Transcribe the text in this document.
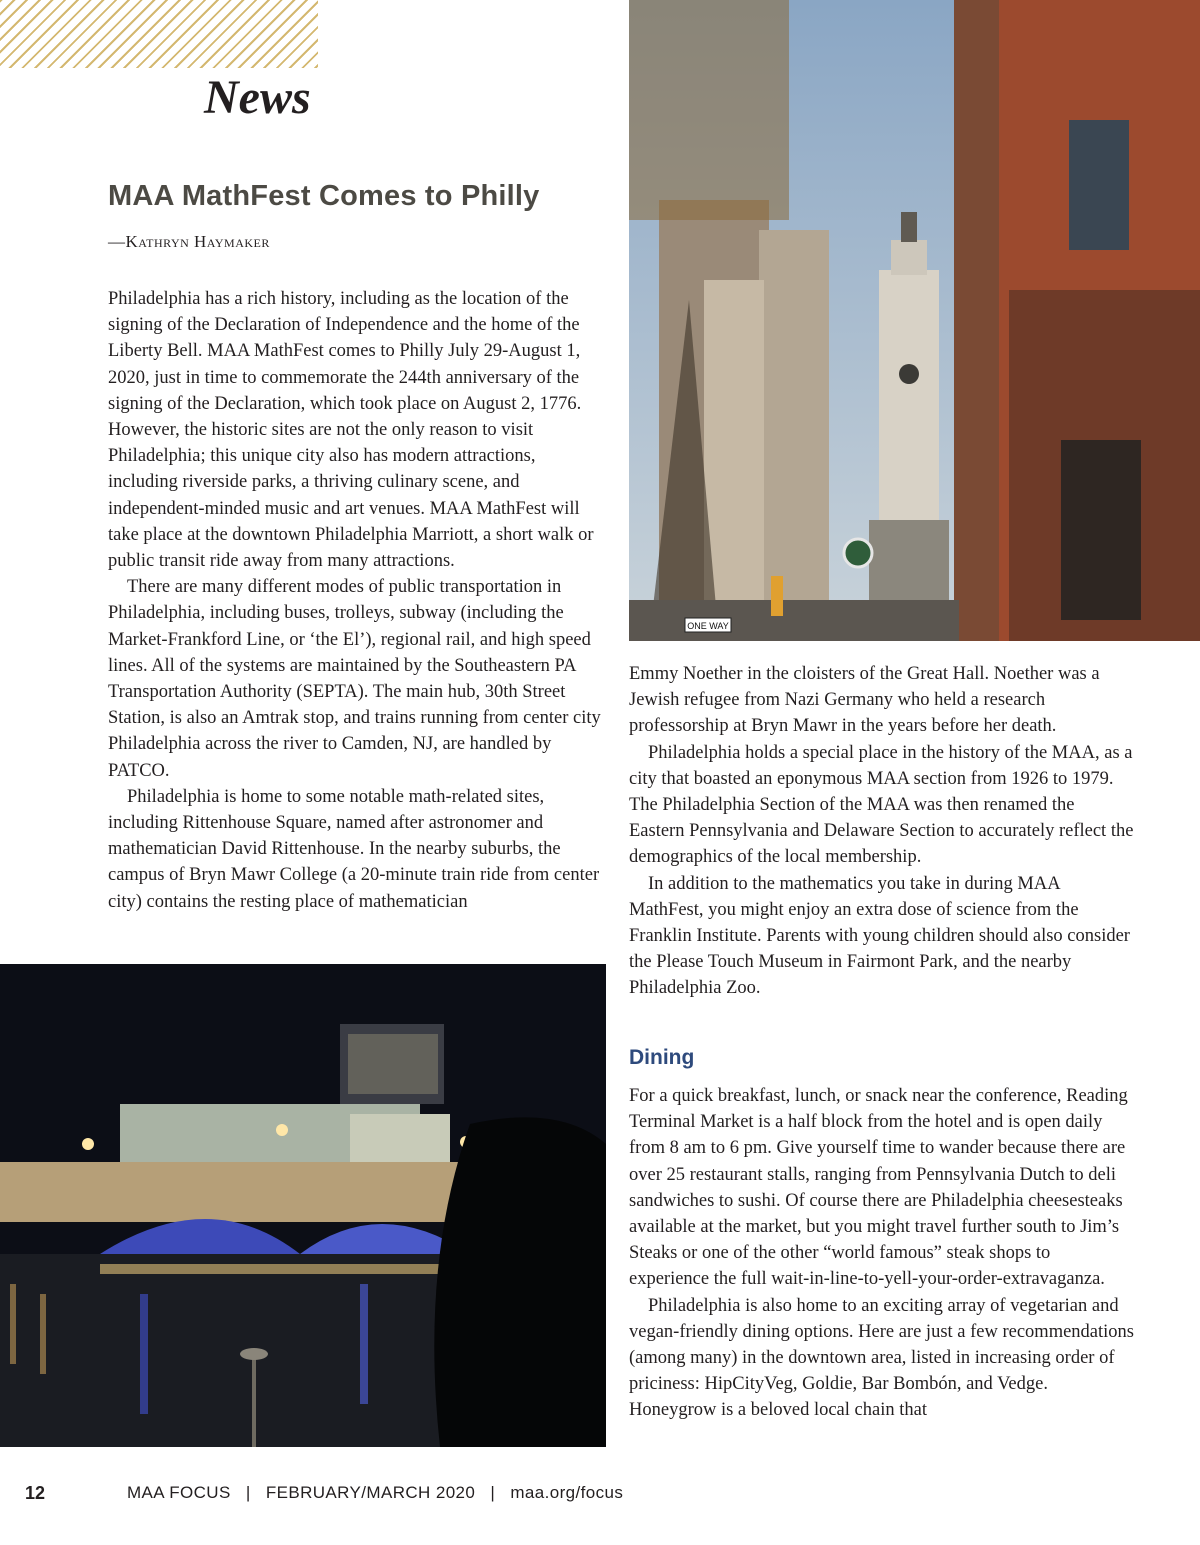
News
MAA MathFest Comes to Philly
—Kathryn Haymaker

Philadelphia has a rich history, including as the location of the signing of the Declaration of Independence and the home of the Liberty Bell. MAA MathFest comes to Philly July 29-August 1, 2020, just in time to commemorate the 244th anniversary of the signing of the Declaration, which took place on August 2, 1776. However, the historic sites are not the only reason to visit Philadelphia; this unique city also has modern attractions, including riverside parks, a thriving culinary scene, and independent-minded music and art venues. MAA MathFest will take place at the downtown Philadelphia Marriott, a short walk or public transit ride away from many attractions.

There are many different modes of public transportation in Philadelphia, including buses, trolleys, subway (including the Market-Frankford Line, or ‘the El’), regional rail, and high speed lines. All of the systems are maintained by the Southeastern PA Transportation Authority (SEPTA). The main hub, 30th Street Station, is also an Amtrak stop, and trains running from center city Philadelphia across the river to Camden, NJ, are handled by PATCO.

Philadelphia is home to some notable math-related sites, including Rittenhouse Square, named after astronomer and mathematician David Rittenhouse. In the nearby suburbs, the campus of Bryn Mawr College (a 20-minute train ride from center city) contains the resting place of mathematician

ONE WAY

Emmy Noether in the cloisters of the Great Hall. Noether was a Jewish refugee from Nazi Germany who held a research professorship at Bryn Mawr in the years before her death.

Philadelphia holds a special place in the history of the MAA, as a city that boasted an eponymous MAA section from 1926 to 1979. The Philadelphia Section of the MAA was then renamed the Eastern Pennsylvania and Delaware Section to accurately reflect the demographics of the local membership.

In addition to the mathematics you take in during MAA MathFest, you might enjoy an extra dose of science from the Franklin Institute. Parents with young children should also consider the Please Touch Museum in Fairmont Park, and the nearby Philadelphia Zoo.

Dining

For a quick breakfast, lunch, or snack near the conference, Reading Terminal Market is a half block from the hotel and is open daily from 8 am to 6 pm. Give yourself time to wander because there are over 25 restaurant stalls, ranging from Pennsylvania Dutch to deli sandwiches to sushi. Of course there are Philadelphia cheesesteaks available at the market, but you might travel further south to Jim’s Steaks or one of the other “world famous” steak shops to experience the full wait-in-line-to-yell-your-order-extravaganza.

Philadelphia is also home to an exciting array of vegetarian and vegan-friendly dining options. Here are just a few recommendations (among many) in the downtown area, listed in increasing order of priciness: HipCityVeg, Goldie, Bar Bombón, and Vedge. Honeygrow is a beloved local chain that

12	MAA FOCUS | FEBRUARY/MARCH 2020 | maa.org/focus
